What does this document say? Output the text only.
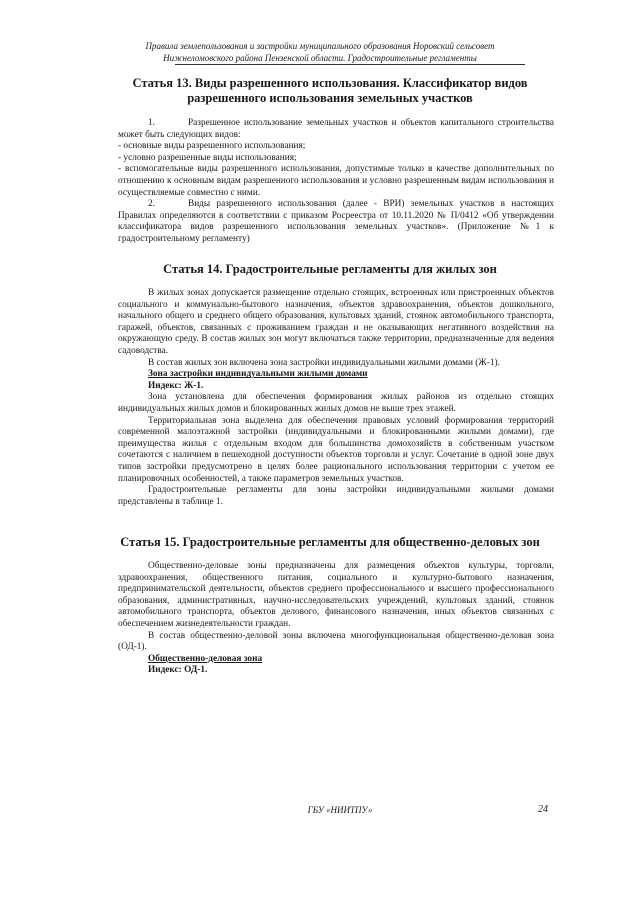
Правила землепользования и застройки муниципального образования Норовский сельсовет
Нижнеломовского района Пензенской области. Градостроительные регламенты
Статья 13. Виды разрешенного использования. Классификатор видов
разрешенного использования земельных участков

1.	Разрешенное использование земельных участков и объектов капитального строительства может быть следующих видов:

- основные виды разрешенного использования;

- условно разрешенные виды использования;

- вспомогательные виды разрешенного использования, допустимые только в качестве дополнительных по отношению к основным видам разрешенного использования и условно разрешенным видам использования и осуществляемые совместно с ними.

2.	Виды разрешенного использования (далее - ВРИ) земельных участков в настоящих Правилах определяются в соответствии с приказом Росреестра от 10.11.2020 № П/0412 «Об утверждении классификатора видов разрешенного использования земельных участков». (Приложение №1 к градостроительному регламенту)

Статья 14. Градостроительные регламенты для жилых зон

В жилых зонах допускается размещение отдельно стоящих, встроенных или пристроенных объектов социального и коммунально-бытового назначения, объектов здравоохранения, объектов дошкольного, начального общего и среднего общего образования, культовых зданий, стоянок автомобильного транспорта, гаражей, объектов, связанных с проживанием граждан и не оказывающих негативного воздействия на окружающую среду. В состав жилых зон могут включаться также территории, предназначенные для ведения садоводства.

В состав жилых зон включена зона застройки индивидуальными жилыми домами (Ж-1).

Зона застройки индивидуальными жилыми домами

Индекс: Ж-1.

Зона установлена для обеспечения формирования жилых районов из отдельно стоящих индивидуальных жилых домов и блокированных жилых домов не выше трех этажей.

Территориальная зона выделена для обеспечения правовых условий формирования территорий современной малоэтажной застройки (индивидуальными и блокированными жилыми домами), где преимущества жилья с отдельным входом для большинства домохозяйств в собственным участком сочетаются с наличием в пешеходной доступности объектов торговли и услуг. Сочетание в одной зоне двух типов застройки предусмотрено в целях более рационального использования территории с учетом ее планировочных особенностей, а также параметров земельных участков.

Градостроительные регламенты для зоны застройки индивидуальными жилыми домами представлены в таблице 1.

Статья 15. Градостроительные регламенты для общественно-деловых зон

Общественно-деловые зоны предназначены для размещения объектов культуры, торговли, здравоохранения, общественного питания, социального и культурно-бытового назначения, предпринимательской деятельности, объектов среднего профессионального и высшего профессионального образования, административных, научно-исследовательских учреждений, культовых зданий, стоянок автомобильного транспорта, объектов делового, финансового назначения, иных объектов связанных с обеспечением жизнедеятельности граждан.

В состав общественно-деловой зоны включена многофункциональная общественно-деловая зона (ОД-1).

Общественно-деловая зона

Индекс: ОД-1.

ГБУ «НИИТПУ»	24
